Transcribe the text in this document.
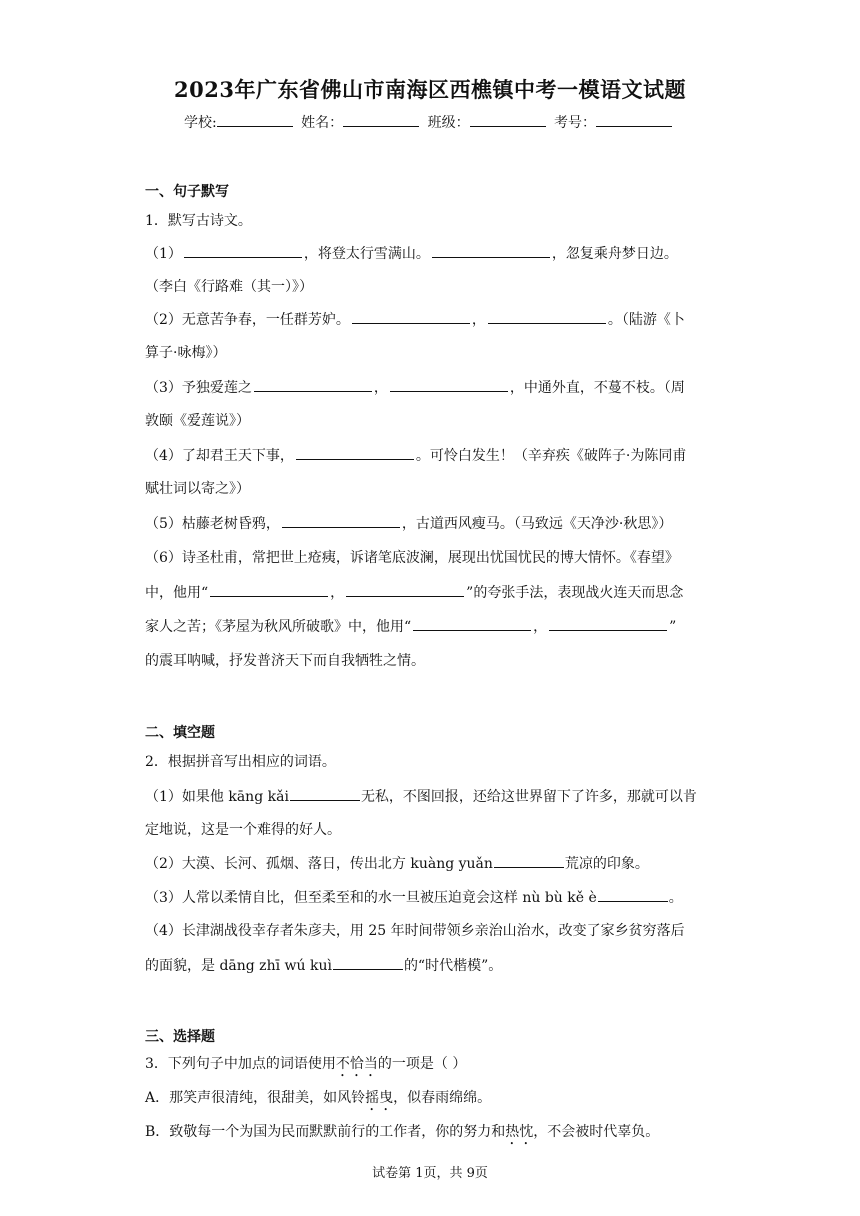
2023年广东省佛山市南海区西樵镇中考一模语文试题
学校:	姓名：	班级：	考号：
一、句子默写
1．默写古诗文。
（1）	，将登太行雪满山。	，忽复乘舟梦日边。
（李白《行路难（其一）》）
（2）无意苦争春，一任群芳妒。	，	。（陆游《卜
算子·咏梅》）
（3）予独爱莲之	，	，中通外直，不蔓不枝。（周
敦颐《爱莲说》）
（4）了却君王天下事，	。可怜白发生！（辛弃疾《破阵子·为陈同甫
赋壮词以寄之》）
（5）枯藤老树昏鸦，	，古道西风瘦马。（马致远《天净沙·秋思》）
（6）诗圣杜甫，常把世上疮痍，诉诸笔底波澜，展现出忧国忧民的博大情怀。《春望》
中，他用“	，	”的夸张手法，表现战火连天而思念
家人之苦；《茅屋为秋风所破歌》中，他用“	，	”
的震耳呐喊，抒发普济天下而自我牺牲之情。
二、填空题
2．根据拼音写出相应的词语。
（1）如果他 kāng kǎi	无私，不图回报，还给这世界留下了许多，那就可以肯
定地说，这是一个难得的好人。
（2）大漠、长河、孤烟、落日，传出北方 kuàng yuǎn	荒凉的印象。
（3）人常以柔情自比，但至柔至和的水一旦被压迫竟会这样 nù bù kě è	。
（4）长津湖战役幸存者朱彦夫，用 25 年时间带领乡亲治山治水，改变了家乡贫穷落后
的面貌，是 dāng zhī wú kuì	的“时代楷模”。
三、选择题
3．下列句子中加点的词语使用不恰当的一项是（ ）
A．那笑声很清纯，很甜美，如风铃摇曳，似春雨绵绵。
B．致敬每一个为国为民而默默前行的工作者，你的努力和热忱，不会被时代辜负。
试卷第 1页，共 9页
